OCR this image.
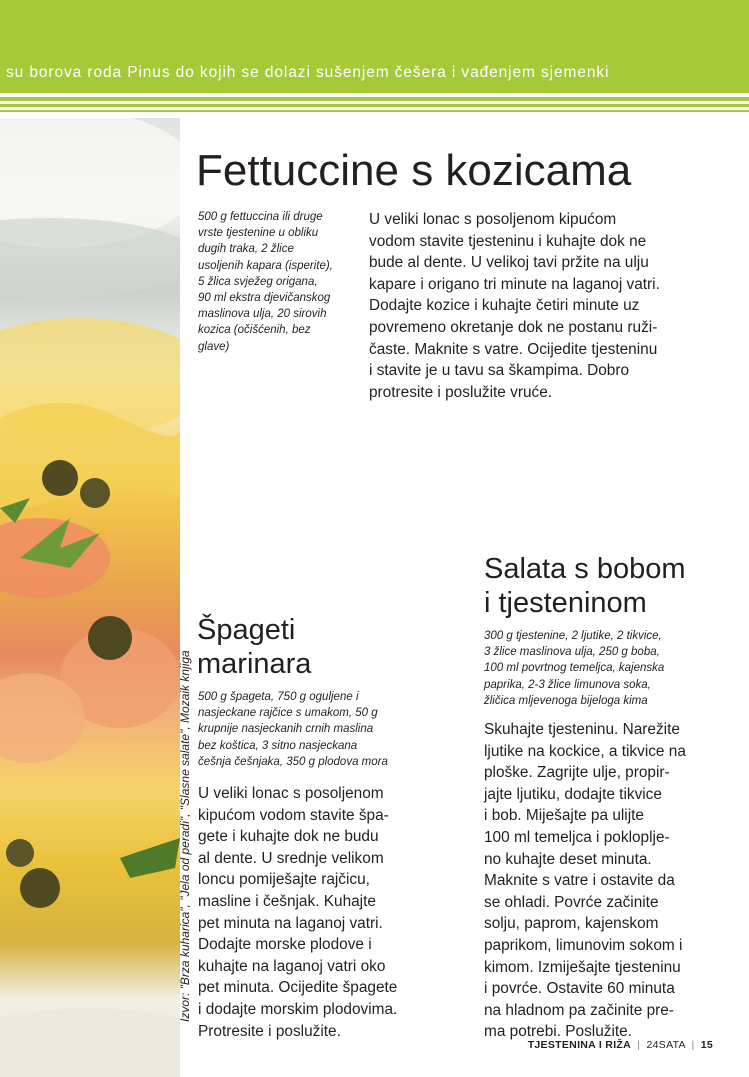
su borova roda Pinus do kojih se dolazi sušenjem češera i vađenjem sjemenki
Izvor: "Brza kuharica", "Jela od peradi", "Slasne salate", Mozaik knjiga
Fettuccine s kozicama

500 g fettuccina ili druge

vrste tjestenine u obliku

dugih traka, 2 žlice

usoljenih kapara (isperite),

5 žlica svježeg origana,

90 ml ekstra djevičanskog

maslinova ulja, 20 sirovih

kozica (očišćenih, bez

glave)

U veliki lonac s posoljenom kipućom

vodom stavite tjesteninu i kuhajte dok ne

bude al dente. U velikoj tavi pržite na ulju

kapare i origano tri minute na laganoj vatri.

Dodajte kozice i kuhajte četiri minute uz

povremeno okretanje dok ne postanu ruži-

časte. Maknite s vatre. Ocijedite tjesteninu

i stavite je u tavu sa škampima. Dobro

protresite i poslužite vruće.

Špageti
marinara

500 g špageta, 750 g oguljene i

nasjeckane rajčice s umakom, 50 g

krupnije nasjeckanih crnih maslina

bez koštica, 3 sitno nasjeckana

češnja češnjaka, 350 g plodova mora

U veliki lonac s posoljenom

kipućom vodom stavite špa-

gete i kuhajte dok ne budu

al dente. U srednje velikom

loncu pomiješajte rajčicu,

masline i češnjak. Kuhajte

pet minuta na laganoj vatri.

Dodajte morske plodove i

kuhajte na laganoj vatri oko

pet minuta. Ocijedite špagete

i dodajte morskim plodovima.

Protresite i poslužite.

Salata s bobom
i tjesteninom

300 g tjestenine, 2 ljutike, 2 tikvice,

3 žlice maslinova ulja, 250 g boba,

100 ml povrtnog temeljca, kajenska

paprika, 2-3 žlice limunova soka,

žličica mljevenoga bijeloga kima

Skuhajte tjesteninu. Narežite

ljutike na kockice, a tikvice na

ploške. Zagrijte ulje, propir-

jajte ljutiku, dodajte tikvice

i bob. Miješajte pa ulijte

100 ml temeljca i poklopljе-

no kuhajte deset minuta.

Maknite s vatre i ostavite da

se ohladi. Povrće začinite

solju, paprom, kajenskom

paprikom, limunovim sokom i

kimom. Izmiješajte tjesteninu

i povrće. Ostavite 60 minuta

na hladnom pa začinite pre-

ma potrebi. Poslužite.

TJESTENINA I RIŽA | 24SATA | 15
